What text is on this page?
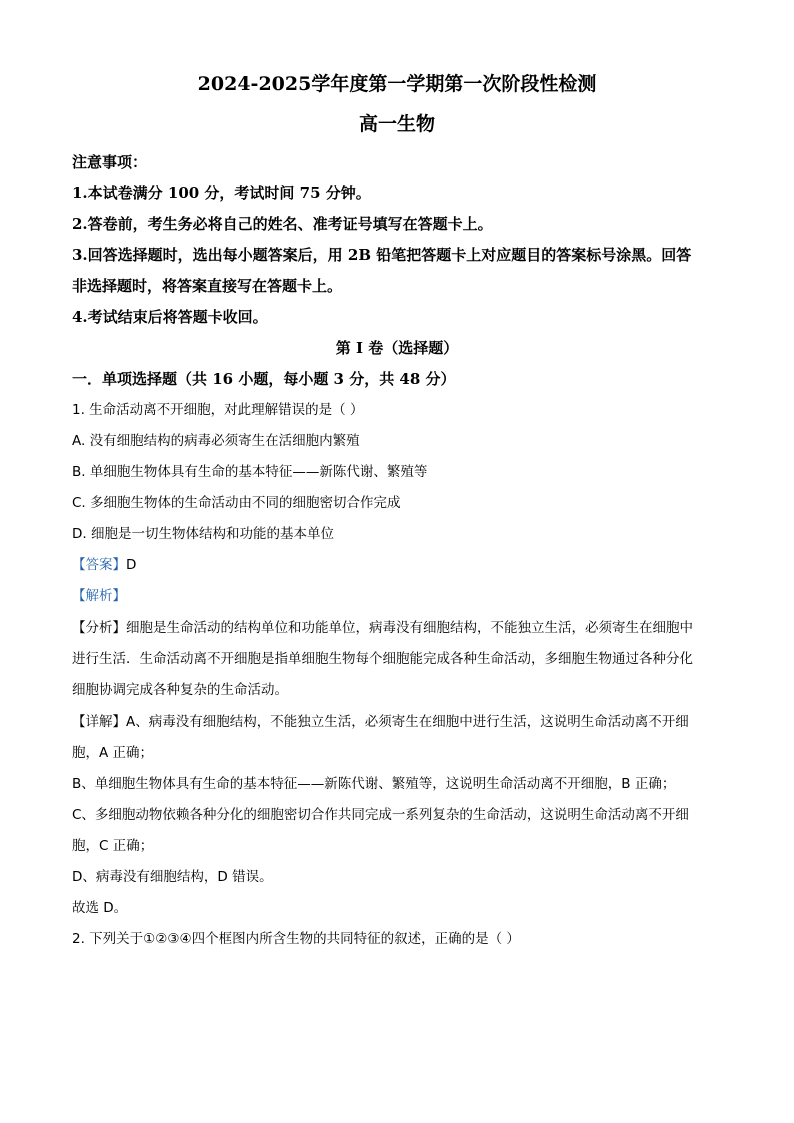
2024-2025学年度第一学期第一次阶段性检测
高一生物
注意事项：
1.本试卷满分 100 分，考试时间 75 分钟。
2.答卷前，考生务必将自己的姓名、准考证号填写在答题卡上。
3.回答选择题时，选出每小题答案后，用 2B 铅笔把答题卡上对应题目的答案标号涂黑。回答
非选择题时，将答案直接写在答题卡上。
4.考试结束后将答题卡收回。
第 I 卷（选择题）
一．单项选择题（共 16 小题，每小题 3 分，共 48 分）
1. 生命活动离不开细胞，对此理解错误的是（ ）
A. 没有细胞结构的病毒必须寄生在活细胞内繁殖
B. 单细胞生物体具有生命的基本特征——新陈代谢、繁殖等
C. 多细胞生物体的生命活动由不同的细胞密切合作完成
D. 细胞是一切生物体结构和功能的基本单位
【答案】D
【解析】
【分析】细胞是生命活动的结构单位和功能单位，病毒没有细胞结构，不能独立生活，必须寄生在细胞中
进行生活．生命活动离不开细胞是指单细胞生物每个细胞能完成各种生命活动，多细胞生物通过各种分化
细胞协调完成各种复杂的生命活动。
【详解】A、病毒没有细胞结构，不能独立生活，必须寄生在细胞中进行生活，这说明生命活动离不开细
胞，A 正确；
B、单细胞生物体具有生命的基本特征——新陈代谢、繁殖等，这说明生命活动离不开细胞，B 正确；
C、多细胞动物依赖各种分化的细胞密切合作共同完成一系列复杂的生命活动，这说明生命活动离不开细
胞，C 正确；
D、病毒没有细胞结构，D 错误。
故选 D。
2. 下列关于①②③④四个框图内所含生物的共同特征的叙述，正确的是（ ）
